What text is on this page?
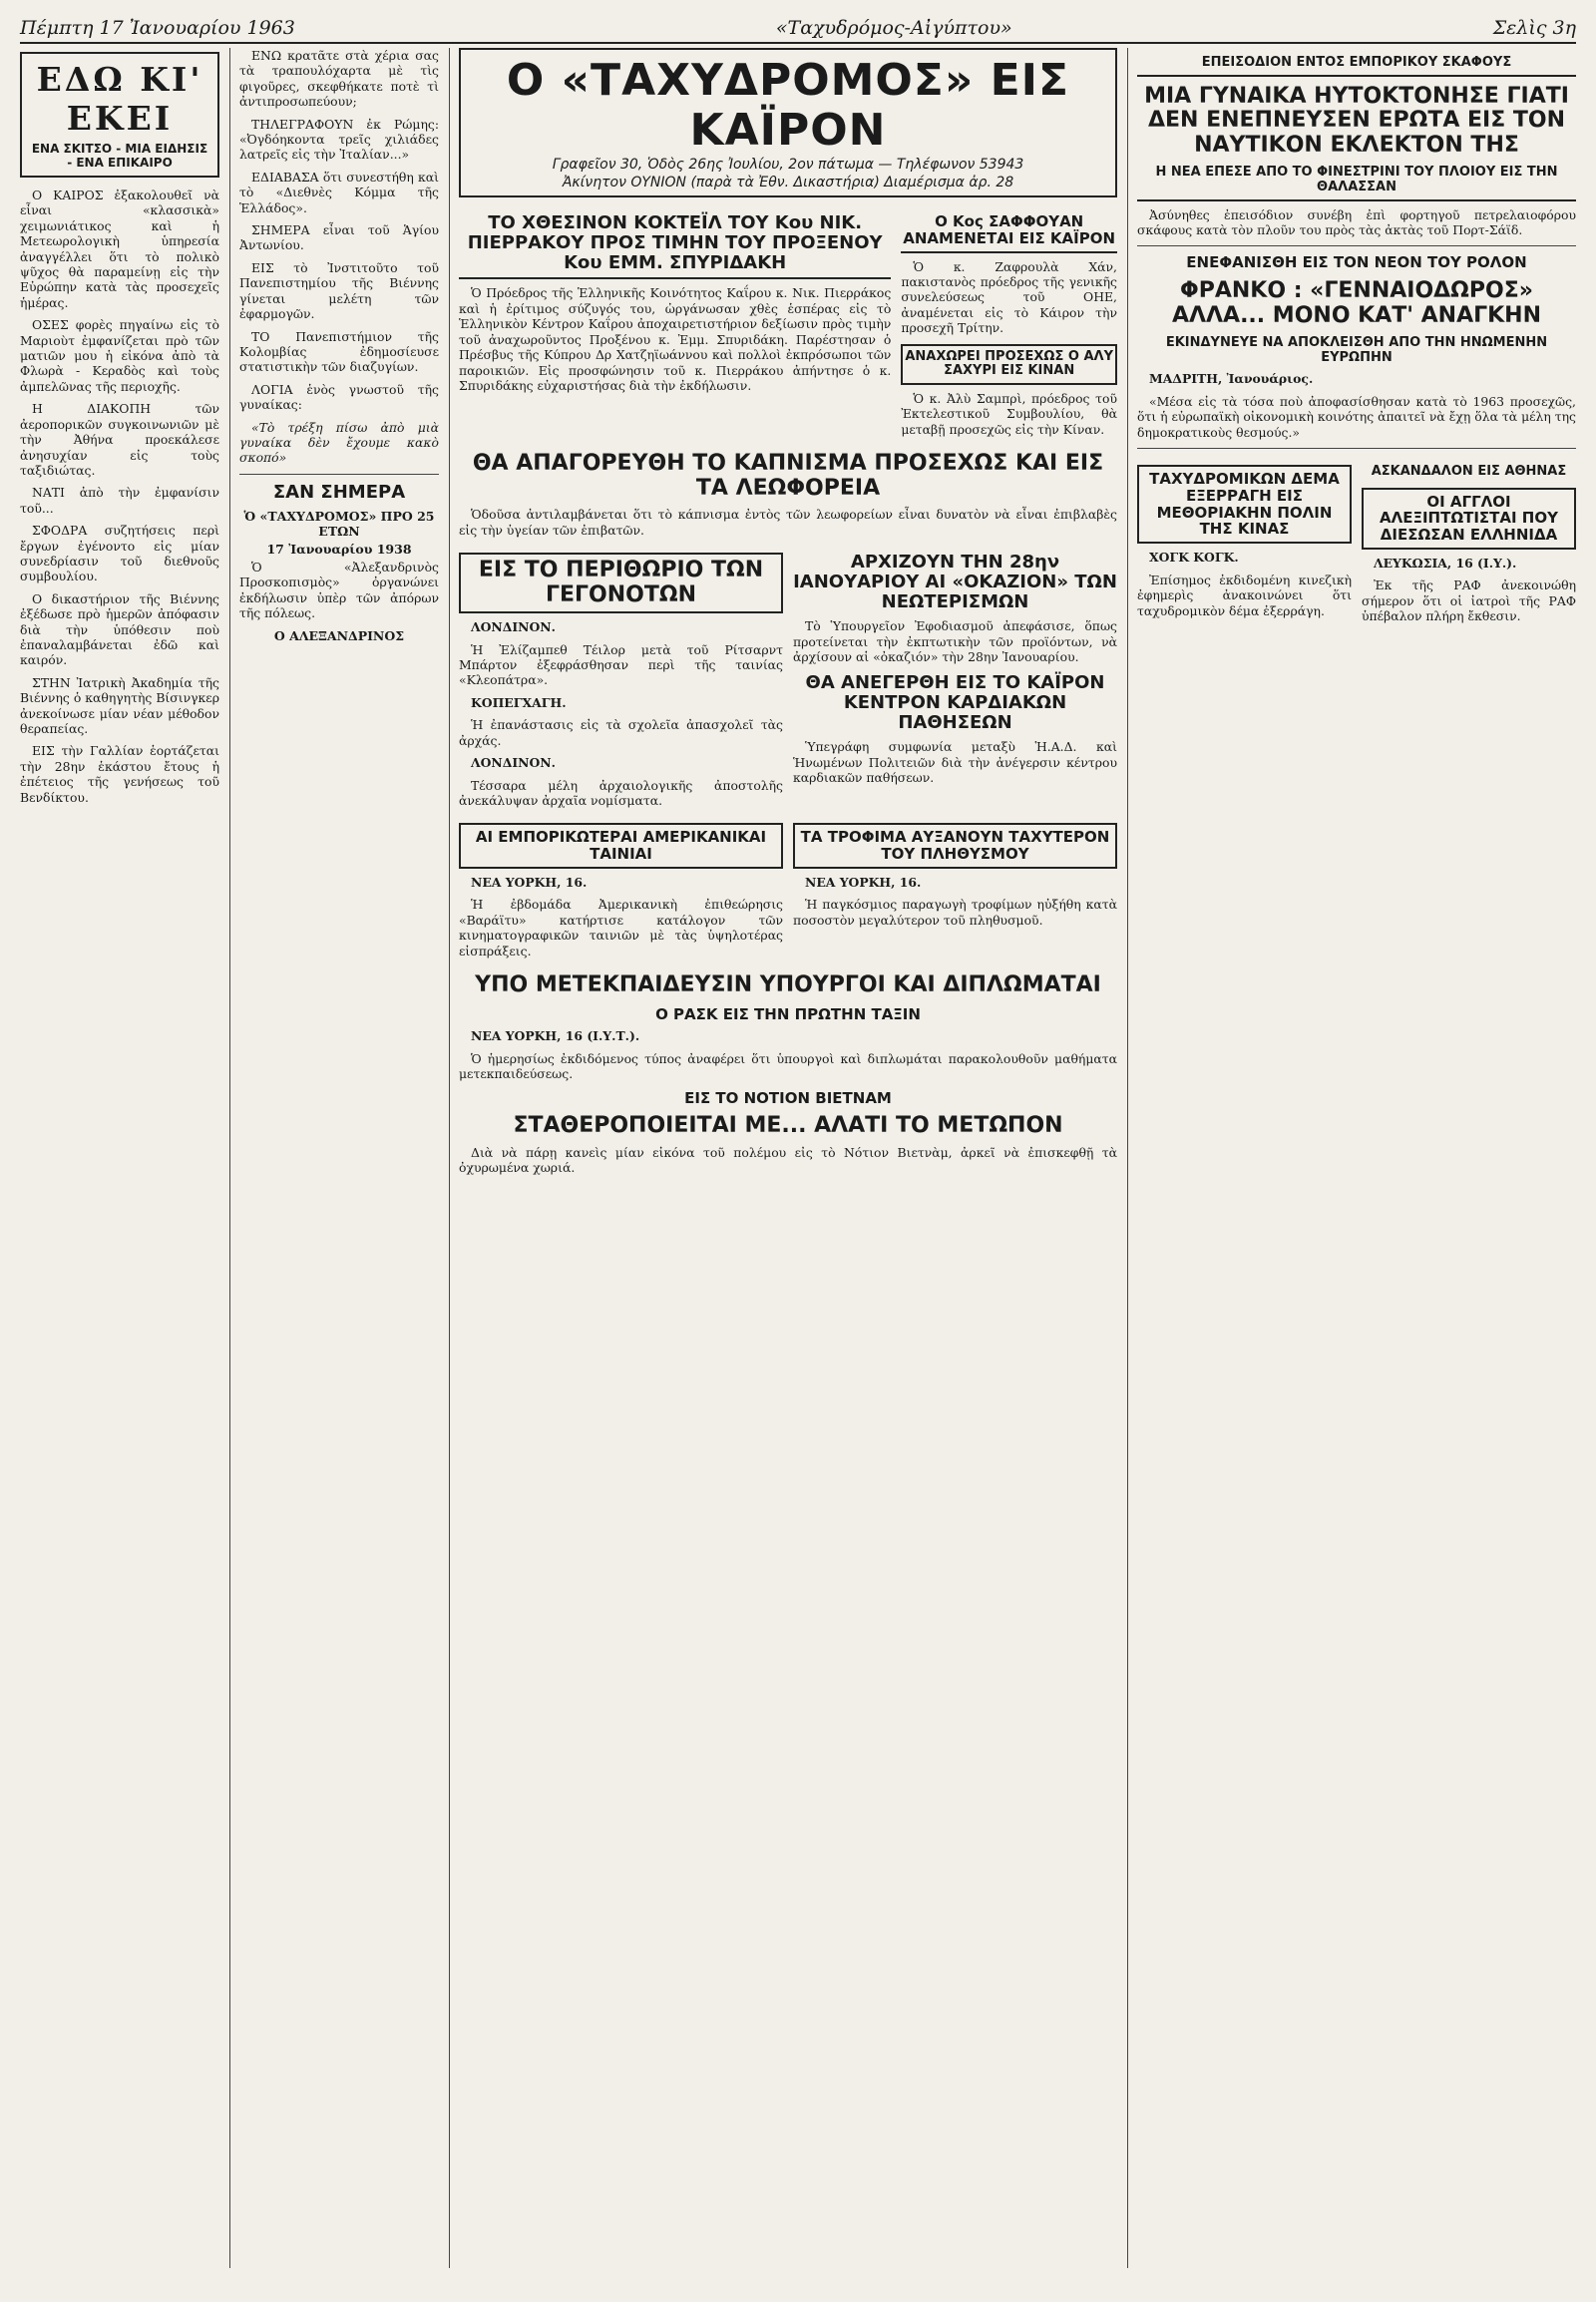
Πέμπτη 17 Ἰανουαρίου 1963	«Ταχυδρόμος-Αἰγύπτου»	Σελὶς 3η
ΕΔΩ ΚΙ' ΕΚΕΙ
ΕΝΑ ΣΚΙΤΣΟ - ΜΙΑ ΕΙΔΗΣΙΣ - ΕΝΑ ΕΠΙΚΑΙΡΟ

Ο ΚΑΙΡΟΣ ἐξακολουθεῖ νὰ εἶναι «κλασσικὰ» χειμωνιάτικος καὶ ἡ Μετεωρολογικὴ ὑπηρεσία ἀναγγέλλει ὅτι τὸ πολικὸ ψῦχος θὰ παραμείνῃ εἰς τὴν Εὐρώπην κατὰ τὰς προσεχεῖς ἡμέρας.

ΟΣΕΣ φορὲς πηγαίνω εἰς τὸ Μαριοὺτ ἐμφανίζεται πρὸ τῶν ματιῶν μου ἡ εἰκόνα ἀπὸ τὰ Φλωρὰ - Κεραδὸς καὶ τοὺς ἀμπελῶνας τῆς περιοχῆς.

Η ΔΙΑΚΟΠΗ τῶν ἀεροπορικῶν συγκοινωνιῶν μὲ τὴν Ἀθήνα προεκάλεσε ἀνησυχίαν εἰς τοὺς ταξιδιώτας.

ΝΑΤΙ ἀπὸ τὴν ἐμφανίσιν τοῦ...

ΣΦΟΔΡΑ συζητήσεις περὶ ἔργων ἐγένοντο εἰς μίαν συνεδρίασιν τοῦ διεθνοῦς συμβουλίου.

Ο δικαστήριον τῆς Βιέννης ἐξέδωσε πρὸ ἡμερῶν ἀπόφασιν διὰ τὴν ὑπόθεσιν ποὺ ἐπαναλαμβάνεται ἐδῶ καὶ καιρόν.

ΣΤΗΝ Ἰατρικὴ Ἀκαδημία τῆς Βιέννης ὁ καθηγητὴς Βίσινγκερ ἀνεκοίνωσε μίαν νέαν μέθοδον θεραπείας.

ΕΙΣ τὴν Γαλλίαν ἑορτάζεται τὴν 28ην ἑκάστου ἔτους ἡ ἐπέτειος τῆς γενήσεως τοῦ Βενδίκτου.

ΕΝΩ κρατᾶτε στὰ χέρια σας τὰ τραπουλόχαρτα μὲ τὶς φιγοῦρες, σκεφθήκατε ποτὲ τὶ ἀντιπροσωπεύουν;

ΤΗΛΕΓΡΑΦΟΥΝ ἐκ Ρώμης: «Ὀγδόηκοντα τρεῖς χιλιάδες λατρεῖς εἰς τὴν Ἰταλίαν...»

ΕΔΙΑΒΑΣΑ ὅτι συνεστήθη καὶ τὸ «Διεθνὲς Κόμμα τῆς Ἑλλάδος».

ΣΗΜΕΡΑ εἶναι τοῦ Ἁγίου Ἀντωνίου.

ΕΙΣ τὸ Ἰνστιτοῦτο τοῦ Πανεπιστημίου τῆς Βιέννης γίνεται μελέτη τῶν ἐφαρμογῶν.

ΤΟ Πανεπιστήμιον τῆς Κολομβίας ἐδημοσίευσε στατιστικὴν τῶν διαζυγίων.

ΛΟΓΙΑ ἑνὸς γνωστοῦ τῆς γυναίκας:

«Τὸ τρέξη πίσω ἀπὸ μιὰ γυναίκα δὲν ἔχουμε κακὸ σκοπό»

ΣΑΝ ΣΗΜΕΡΑ
Ὁ «ΤΑΧΥΔΡΟΜΟΣ» ΠΡΟ 25 ΕΤΩΝ
17 Ἰανουαρίου 1938

Ὁ «Ἀλεξανδρινὸς Προσκοπισμὸς» ὀργανώνει ἐκδήλωσιν ὑπὲρ τῶν ἀπόρων τῆς πόλεως.

Ο ΑΛΕΞΑΝΔΡΙΝΟΣ
Ο «ΤΑΧΥΔΡΟΜΟΣ» ΕΙΣ ΚΑΪΡΟΝ
Γραφεῖον 30, Ὁδὸς 26ης Ἰουλίου, 2ον πάτωμα — Τηλέφωνον 53943
Ἀκίνητον ΟΥΝΙΟΝ (παρὰ τὰ Ἐθν. Δικαστήρια) Διαμέρισμα ἀρ. 28
ΤΟ ΧΘΕΣΙΝΟΝ ΚΟΚΤΕΪΛ ΤΟΥ Κου ΝΙΚ. ΠΙΕΡΡΑΚΟΥ ΠΡΟΣ ΤΙΜΗΝ ΤΟΥ ΠΡΟΞΕΝΟΥ Κου ΕΜΜ. ΣΠΥΡΙΔΑΚΗ

Ὁ Πρόεδρος τῆς Ἑλληνικῆς Κοινότητος Καΐρου κ. Νικ. Πιερράκος καὶ ἡ ἐρίτιμος σύζυγός του, ὠργάνωσαν χθὲς ἑσπέρας εἰς τὸ Ἑλληνικὸν Κέντρον Καΐρου ἀποχαιρετιστήριον δεξίωσιν πρὸς τιμὴν τοῦ ἀναχωροῦντος Προξένου κ. Ἐμμ. Σπυριδάκη. Παρέστησαν ὁ Πρέσβυς τῆς Κύπρου Δρ Χατζηϊωάννου καὶ πολλοὶ ἐκπρόσωποι τῶν παροικιῶν. Εἰς προσφώνησιν τοῦ κ. Πιερράκου ἀπήντησε ὁ κ. Σπυριδάκης εὐχαριστήσας διὰ τὴν ἐκδήλωσιν.

Ο Κος ΣΑΦΦΟΥΑΝ ΑΝΑΜΕΝΕΤΑΙ ΕΙΣ ΚΑΪΡΟΝ

Ὁ κ. Ζαφρουλὰ Χάν, πακιστανὸς πρόεδρος τῆς γενικῆς συνελεύσεως τοῦ ΟΗΕ, ἀναμένεται εἰς τὸ Κάιρον τὴν προσεχῆ Τρίτην.

ΑΝΑΧΩΡΕΙ ΠΡΟΣΕΧΩΣ Ο ΑΛΥ ΣΑΧΥΡΙ ΕΙΣ ΚΙΝΑΝ

Ὁ κ. Ἀλὺ Σαμπρὶ, πρόεδρος τοῦ Ἐκτελεστικοῦ Συμβουλίου, θὰ μεταβῇ προσεχῶς εἰς τὴν Κίναν.

ΘΑ ΑΠΑΓΟΡΕΥΘΗ ΤΟ ΚΑΠΝΙΣΜΑ ΠΡΟΣΕΧΩΣ ΚΑΙ ΕΙΣ ΤΑ ΛΕΩΦΟΡΕΙΑ

Ὁδοῦσα ἀντιλαμβάνεται ὅτι τὸ κάπνισμα ἐντὸς τῶν λεωφορείων εἶναι δυνατὸν νὰ εἶναι ἐπιβλαβὲς εἰς τὴν ὑγείαν τῶν ἐπιβατῶν.

ΕΙΣ ΤΟ ΠΕΡΙΘΩΡΙΟ ΤΩΝ ΓΕΓΟΝΟΤΩΝ

ΛΟΝΔΙΝΟΝ.

Ἡ Ἐλίζαμπεθ Τέιλορ μετὰ τοῦ Ρίτσαρντ Μπάρτον ἐξεφράσθησαν περὶ τῆς ταινίας «Κλεοπάτρα».

ΚΟΠΕΓΧΑΓΗ.

Ἡ ἐπανάστασις εἰς τὰ σχολεῖα ἀπασχολεῖ τὰς ἀρχάς.

ΛΟΝΔΙΝΟΝ.

Τέσσαρα μέλη ἀρχαιολογικῆς ἀποστολῆς ἀνεκάλυψαν ἀρχαῖα νομίσματα.

ΑΡΧΙΖΟΥΝ ΤΗΝ 28ην ΙΑΝΟΥΑΡΙΟΥ ΑΙ «ΟΚΑΖΙΟΝ» ΤΩΝ ΝΕΩΤΕΡΙΣΜΩΝ

Τὸ Ὑπουργεῖον Ἐφοδιασμοῦ ἀπεφάσισε, ὅπως προτείνεται τὴν ἐκπτωτικὴν τῶν προϊόντων, νὰ ἀρχίσουν αἱ «ὀκαζιόν» τὴν 28ην Ἰανουαρίου.

ΘΑ ΑΝΕΓΕΡΘΗ ΕΙΣ ΤΟ ΚΑΪΡΟΝ ΚΕΝΤΡΟΝ ΚΑΡΔΙΑΚΩΝ ΠΑΘΗΣΕΩΝ

Ὑπεγράφη συμφωνία μεταξὺ Ἡ.Α.Δ. καὶ Ἡνωμένων Πολιτειῶν διὰ τὴν ἀνέγερσιν κέντρου καρδιακῶν παθήσεων.

ΑΙ ΕΜΠΟΡΙΚΩΤΕΡΑΙ ΑΜΕΡΙΚΑΝΙΚΑΙ ΤΑΙΝΙΑΙ

ΝΕΑ ΥΟΡΚΗ, 16.

Ἡ ἐβδομάδα Ἀμερικανικὴ ἐπιθεώρησις «Βαράϊτυ» κατήρτισε κατάλογον τῶν κινηματογραφικῶν ταινιῶν μὲ τὰς ὑψηλοτέρας εἰσπράξεις.

ΤΑ ΤΡΟΦΙΜΑ ΑΥΞΑΝΟΥΝ ΤΑΧΥΤΕΡΟΝ ΤΟΥ ΠΛΗΘΥΣΜΟΥ

ΝΕΑ ΥΟΡΚΗ, 16.

Ἡ παγκόσμιος παραγωγὴ τροφίμων ηὐξήθη κατὰ ποσοστὸν μεγαλύτερον τοῦ πληθυσμοῦ.

ΥΠΟ ΜΕΤΕΚΠΑΙΔΕΥΣΙΝ ΥΠΟΥΡΓΟΙ ΚΑΙ ΔΙΠΛΩΜΑΤΑΙ
Ο ΡΑΣΚ ΕΙΣ ΤΗΝ ΠΡΩΤΗΝ ΤΑΞΙΝ

ΝΕΑ ΥΟΡΚΗ, 16 (Ι.Υ.Τ.).

Ὁ ἡμερησίως ἐκδιδόμενος τύπος ἀναφέρει ὅτι ὑπουργοὶ καὶ διπλωμάται παρακολουθοῦν μαθήματα μετεκπαιδεύσεως.

ΕΙΣ ΤΟ ΝΟΤΙΟΝ ΒΙΕΤΝΑΜ
ΣΤΑΘΕΡΟΠΟΙΕΙΤΑΙ ΜΕ... ΑΛΑΤΙ ΤΟ ΜΕΤΩΠΟΝ

Διὰ νὰ πάρῃ κανεὶς μίαν εἰκόνα τοῦ πολέμου εἰς τὸ Νότιον Βιετνὰμ, ἀρκεῖ νὰ ἐπισκεφθῇ τὰ ὀχυρωμένα χωριά.

ΕΠΕΙΣΟΔΙΟΝ ΕΝΤΟΣ ΕΜΠΟΡΙΚΟΥ ΣΚΑΦΟΥΣ
ΜΙΑ ΓΥΝΑΙΚΑ ΗΥΤΟΚΤΟΝΗΣΕ ΓΙΑΤΙ ΔΕΝ ΕΝΕΠΝΕΥΣΕΝ ΕΡΩΤΑ ΕΙΣ ΤΟΝ ΝΑΥΤΙΚΟΝ ΕΚΛΕΚΤΟΝ ΤΗΣ
Η ΝΕΑ ΕΠΕΣΕ ΑΠΟ ΤΟ ΦΙΝΕΣΤΡΙΝΙ ΤΟΥ ΠΛΟΙΟΥ ΕΙΣ ΤΗΝ ΘΑΛΑΣΣΑΝ

Ἀσύνηθες ἐπεισόδιον συνέβη ἐπὶ φορτηγοῦ πετρελαιοφόρου σκάφους κατὰ τὸν πλοῦν του πρὸς τὰς ἀκτὰς τοῦ Πορτ-Σάϊδ.

ΕΝΕΦΑΝΙΣΘΗ ΕΙΣ ΤΟΝ ΝΕΟΝ ΤΟΥ ΡΟΛΟΝ
ΦΡΑΝΚΟ : «ΓΕΝΝΑΙΟΔΩΡΟΣ» ΑΛΛΑ... ΜΟΝΟ ΚΑΤ' ΑΝΑΓΚΗΝ
ΕΚΙΝΔΥΝΕΥΕ ΝΑ ΑΠΟΚΛΕΙΣΘΗ ΑΠΟ ΤΗΝ ΗΝΩΜΕΝΗΝ ΕΥΡΩΠΗΝ

ΜΑΔΡΙΤΗ, Ἰανουάριος.

«Μέσα εἰς τὰ τόσα ποὺ ἀποφασίσθησαν κατὰ τὸ 1963 προσεχῶς, ὅτι ἡ εὐρωπαϊκὴ οἰκονομικὴ κοινότης ἀπαιτεῖ νὰ ἔχῃ ὅλα τὰ μέλη της δημοκρατικοὺς θεσμούς.»

ΤΑΧΥΔΡΟΜΙΚΩΝ ΔΕΜΑ ΕΞΕΡΡΑΓΗ ΕΙΣ ΜΕΘΟΡΙΑΚΗΝ ΠΟΛΙΝ ΤΗΣ ΚΙΝΑΣ

ΧΟΓΚ ΚΟΓΚ.

Ἐπίσημος ἐκδιδομένη κινεζικὴ ἐφημερὶς ἀνακοινώνει ὅτι ταχυδρομικὸν δέμα ἐξερράγη.

ΑΣΚΑΝΔΑΛΟΝ ΕΙΣ ΑΘΗΝΑΣ
ΟΙ ΑΓΓΛΟΙ ΑΛΕΞΙΠΤΩΤΙΣΤΑΙ ΠΟΥ ΔΙΕΣΩΣΑΝ ΕΛΛΗΝΙΔΑ

ΛΕΥΚΩΣΙΑ, 16 (Ι.Υ.).

Ἐκ τῆς ΡΑΦ ἀνεκοινώθη σήμερον ὅτι οἱ ἰατροὶ τῆς ΡΑΦ ὑπέβαλον πλήρη ἔκθεσιν.
